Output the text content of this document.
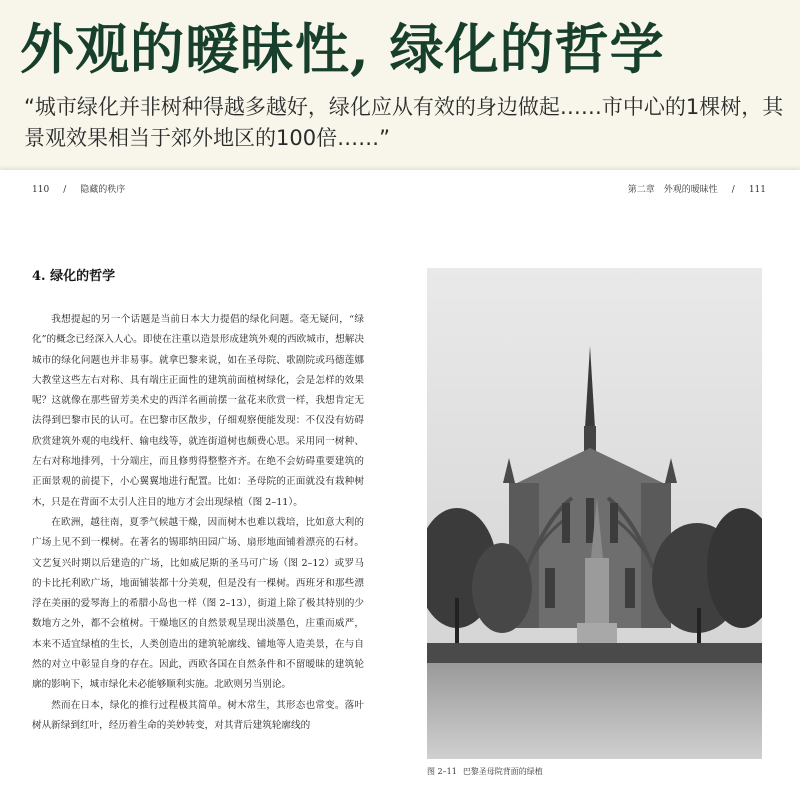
外观的暧昧性, 绿化的哲学
“城市绿化并非树种得越多越好，绿化应从有效的身边做起……市中心的1棵树，其景观效果相当于郊外地区的100倍……”
110 / 隐藏的秩序	第二章　外观的暧昧性 / 111
4. 绿化的哲学

我想提起的另一个话题是当前日本大力提倡的绿化问题。毫无疑问，“绿化”的概念已经深入人心。即使在注重以造景形成建筑外观的西欧城市，想解决城市的绿化问题也并非易事。就拿巴黎来说，如在圣母院、歌剧院或玛德莲娜大教堂这些左右对称、具有端庄正面性的建筑前面植树绿化，会是怎样的效果呢？这就像在那些留芳美术史的西洋名画前摆一盆花来欣赏一样，我想肯定无法得到巴黎市民的认可。在巴黎市区散步，仔细观察便能发现：不仅没有妨碍欣赏建筑外观的电线杆、输电线等，就连街道树也颇费心思。采用同一树种、左右对称地排列，十分端庄，而且修剪得整整齐齐。在绝不会妨碍重要建筑的正面景观的前提下，小心翼翼地进行配置。比如：圣母院的正面就没有栽种树木，只是在背面不太引人注目的地方才会出现绿植（图 2–11）。

在欧洲，越往南，夏季气候越干燥，因而树木也难以栽培，比如意大利的广场上见不到一棵树。在著名的锡耶纳田园广场、扇形地面铺着漂亮的石材。文艺复兴时期以后建造的广场，比如威尼斯的圣马可广场（图 2–12）或罗马的卡比托利欧广场，地面铺装都十分美观，但是没有一棵树。西班牙和那些漂浮在美丽的爱琴海上的希腊小岛也一样（图 2–13），街道上除了极其特别的少数地方之外，都不会植树。干燥地区的自然景观呈现出淡墨色，庄重而威严，本来不适宜绿植的生长，人类创造出的建筑轮廓线、铺地等人造美景，在与自然的对立中彰显自身的存在。因此，西欧各国在自然条件和不留暧昧的建筑轮廓的影响下，城市绿化未必能够顺利实施。北欧则另当别论。

然而在日本，绿化的推行过程极其简单。树木常生，其形态也常变。落叶树从新绿到红叶，经历着生命的美妙转变，对其背后建筑轮廓线的

图 2–11 巴黎圣母院背面的绿植
